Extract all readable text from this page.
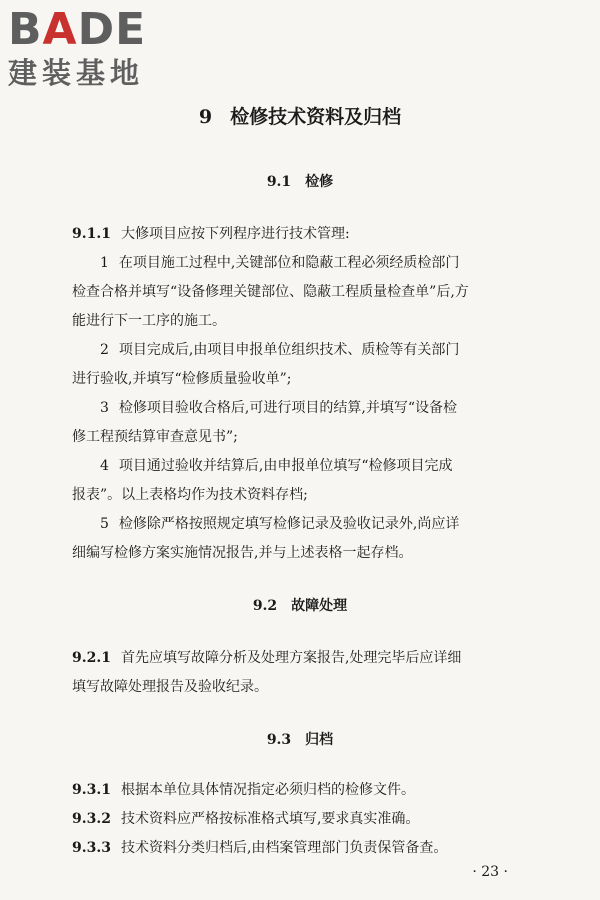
BADE
建装基地
9 检修技术资料及归档
9.1 检修
9.1.1 大修项目应按下列程序进行技术管理:
1 在项目施工过程中,关键部位和隐蔽工程必须经质检部门
检查合格并填写“设备修理关键部位、隐蔽工程质量检查单”后,方
能进行下一工序的施工。
2 项目完成后,由项目申报单位组织技术、质检等有关部门
进行验收,并填写“检修质量验收单”;
3 检修项目验收合格后,可进行项目的结算,并填写“设备检
修工程预结算审查意见书”;
4 项目通过验收并结算后,由申报单位填写“检修项目完成
报表”。以上表格均作为技术资料存档;
5 检修除严格按照规定填写检修记录及验收记录外,尚应详
细编写检修方案实施情况报告,并与上述表格一起存档。
9.2 故障处理
9.2.1 首先应填写故障分析及处理方案报告,处理完毕后应详细
填写故障处理报告及验收纪录。
9.3 归档
9.3.1 根据本单位具体情况指定必须归档的检修文件。
9.3.2 技术资料应严格按标准格式填写,要求真实准确。
9.3.3 技术资料分类归档后,由档案管理部门负责保管备查。
· 23 ·
